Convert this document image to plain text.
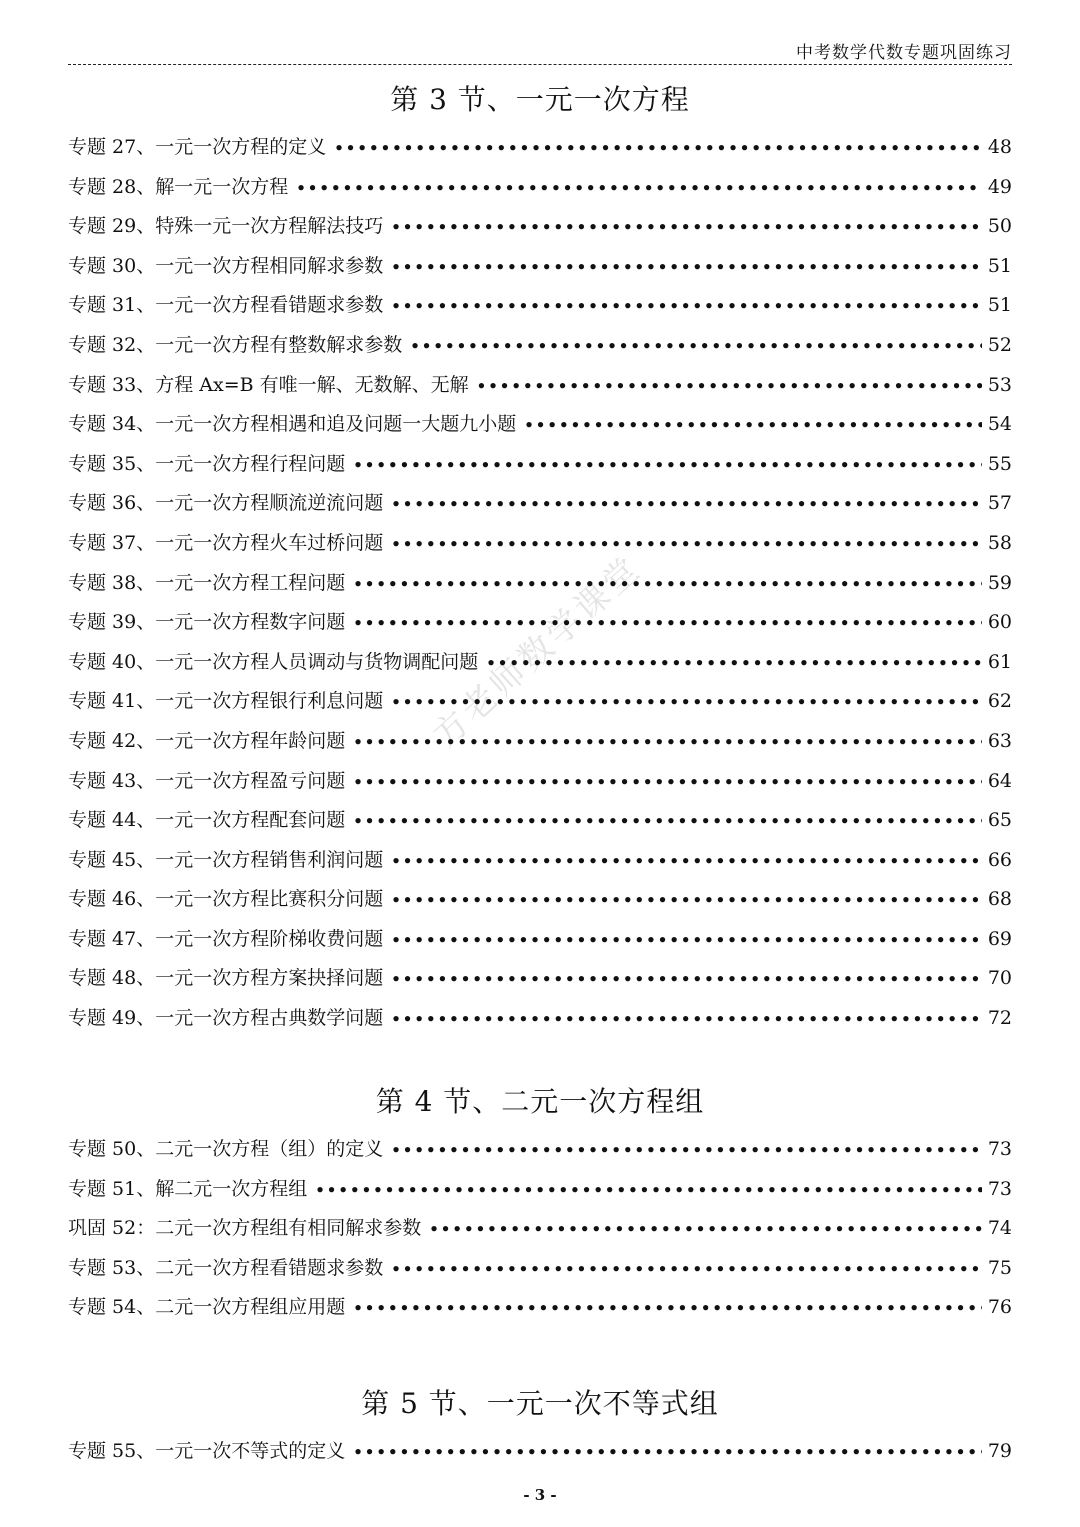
中考数学代数专题巩固练习
方老师数学课堂
第 3 节、一元一次方程
专题 27、一元一次方程的定义 •••••	48
专题 28、解一元一次方程 •••••	49
专题 29、特殊一元一次方程解法技巧 •••••	50
专题 30、一元一次方程相同解求参数 •••••	51
专题 31、一元一次方程看错题求参数 •••••	51
专题 32、一元一次方程有整数解求参数 •••••	52
专题 33、方程 Ax=B 有唯一解、无数解、无解 •••••	53
专题 34、一元一次方程相遇和追及问题一大题九小题 •••••	54
专题 35、一元一次方程行程问题 •••••	55
专题 36、一元一次方程顺流逆流问题 •••••	57
专题 37、一元一次方程火车过桥问题 •••••	58
专题 38、一元一次方程工程问题 •••••	59
专题 39、一元一次方程数字问题 •••••	60
专题 40、一元一次方程人员调动与货物调配问题 •••••	61
专题 41、一元一次方程银行利息问题 •••••	62
专题 42、一元一次方程年龄问题 •••••	63
专题 43、一元一次方程盈亏问题 •••••	64
专题 44、一元一次方程配套问题 •••••	65
专题 45、一元一次方程销售利润问题 •••••	66
专题 46、一元一次方程比赛积分问题 •••••	68
专题 47、一元一次方程阶梯收费问题 •••••	69
专题 48、一元一次方程方案抉择问题 •••••	70
专题 49、一元一次方程古典数学问题 •••••	72
第 4 节、二元一次方程组
专题 50、二元一次方程（组）的定义 •••••	73
专题 51、解二元一次方程组 •••••	73
巩固 52：二元一次方程组有相同解求参数 •••••	74
专题 53、二元一次方程看错题求参数 •••••	75
专题 54、二元一次方程组应用题 •••••	76
第 5 节、一元一次不等式组
专题 55、一元一次不等式的定义 •••••	79
- 3 -
